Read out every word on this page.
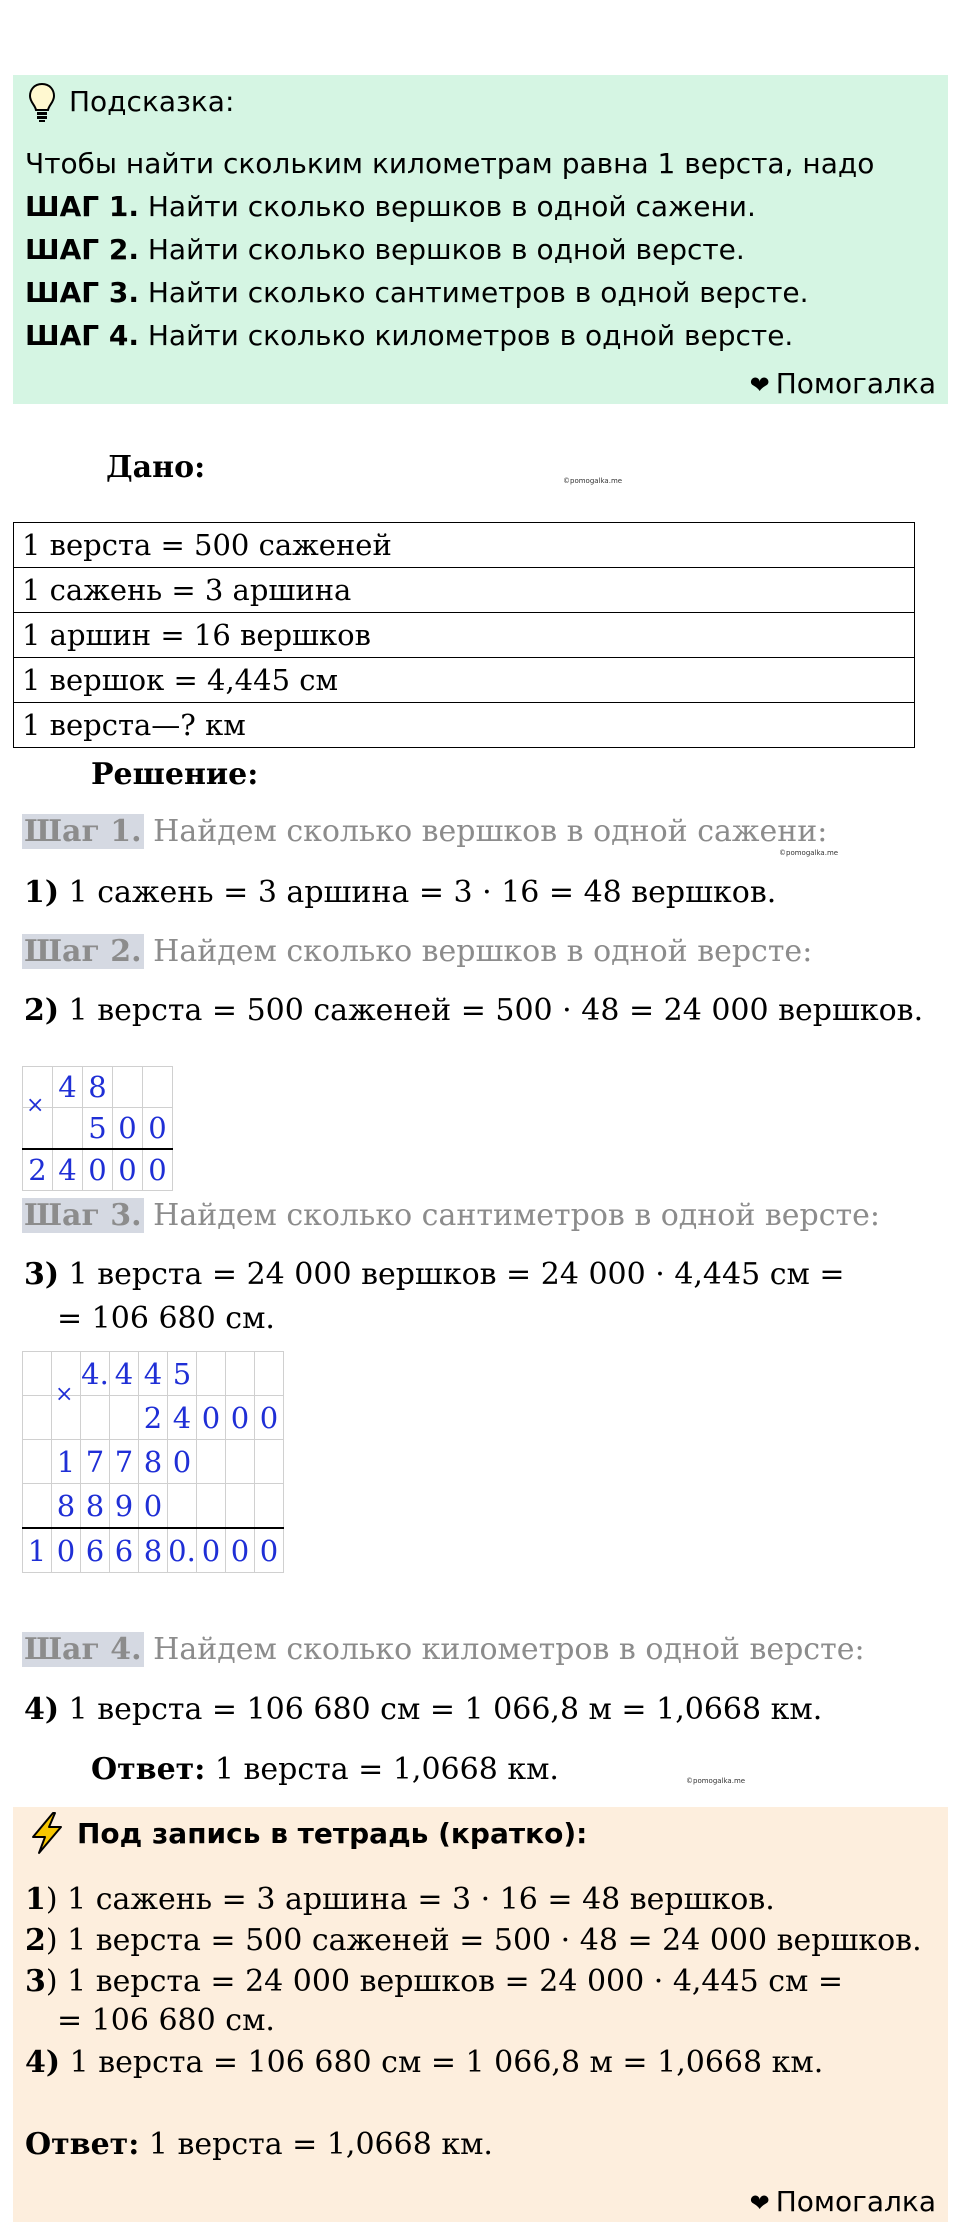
Подсказка:
Чтобы найти скольким километрам равна 1 верста, надо
ШАГ 1. Найти сколько вершков в одной сажени.
ШАГ 2. Найти сколько вершков в одной версте.
ШАГ 3. Найти сколько сантиметров в одной версте.
ШАГ 4. Найти сколько километров в одной версте.
❤ Помогалка
Дано:	©pomogalka.me
1 верста = 500 саженей
1 сажень = 3 аршина
1 аршин = 16 вершков
1 вершок = 4,445 см
1 верста—? км
Решение:
Шаг 1. Найдем сколько вершков в одной сажени:
©pomogalka.me
1) 1 сажень = 3 аршина = 3 · 16 = 48 вершков.
Шаг 2. Найдем сколько вершков в одной версте:
2) 1 верста = 500 саженей = 500 · 48 = 24 000 вершков.
	4	8		
		5	0	0
2	4	0	0	0
×
Шаг 3. Найдем сколько сантиметров в одной версте:
3) 1 верста = 24 000 вершков = 24 000 · 4,445 см =
= 106 680 см.
		4.	4	4	5			
				2	4	0	0	0
	1	7	7	8	0			
	8	8	9	0				
1	0	6	6	8	0.	0	0	0
×
Шаг 4. Найдем сколько километров в одной версте:
4) 1 верста = 106 680 см = 1 066,8 м = 1,0668 км.
Ответ: 1 верста = 1,0668 км.	©pomogalka.me
Под запись в тетрадь (кратко):
1) 1 сажень = 3 аршина = 3 · 16 = 48 вершков.
2) 1 верста = 500 саженей = 500 · 48 = 24 000 вершков.
3) 1 верста = 24 000 вершков = 24 000 · 4,445 см =
= 106 680 см.
4) 1 верста = 106 680 см = 1 066,8 м = 1,0668 км.
Ответ: 1 верста = 1,0668 км.
❤ Помогалка
